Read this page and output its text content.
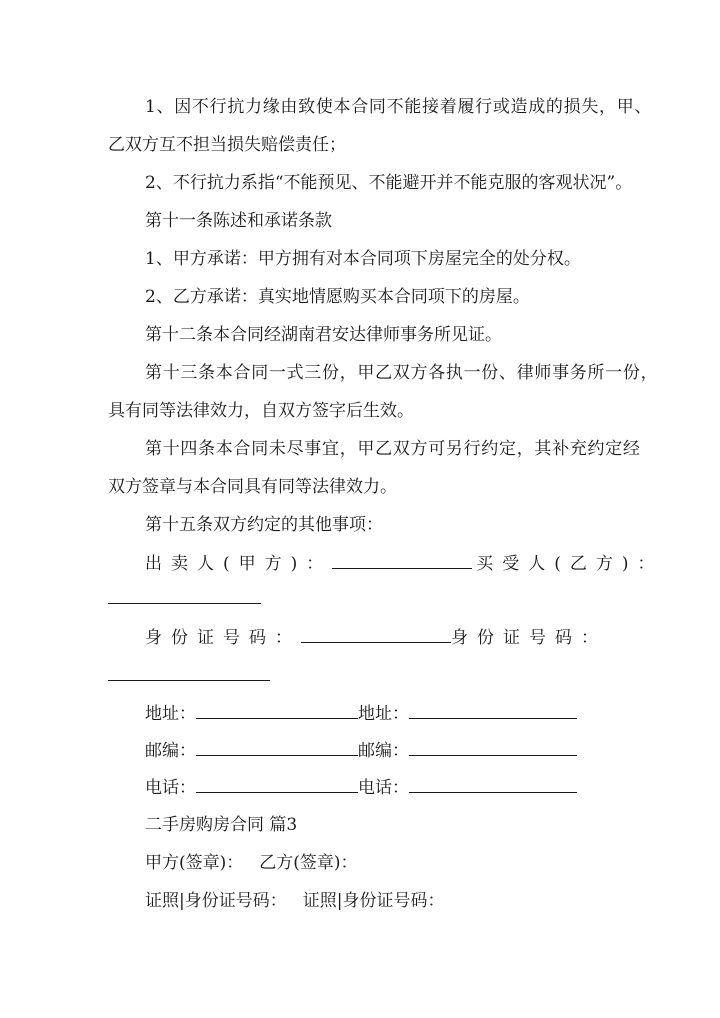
1、因不行抗力缘由致使本合同不能接着履行或造成的损失，甲、
乙双方互不担当损失赔偿责任；
2、不行抗力系指“不能预见、不能避开并不能克服的客观状况”。
第十一条陈述和承诺条款
1、甲方承诺：甲方拥有对本合同项下房屋完全的处分权。
2、乙方承诺：真实地情愿购买本合同项下的房屋。
第十二条本合同经湖南君安达律师事务所见证。
第十三条本合同一式三份，甲乙双方各执一份、律师事务所一份，
具有同等法律效力，自双方签字后生效。
第十四条本合同未尽事宜，甲乙双方可另行约定，其补充约定经
双方签章与本合同具有同等法律效力。
第十五条双方约定的其他事项：
出卖人(甲方)：	买受人(乙方)：
身份证号码：	身份证号码：
地址：	地址：
邮编：	邮编：
电话：	电话：
二手房购房合同 篇3
甲方(签章)： 乙方(签章)：
证照|身份证号码： 证照|身份证号码：
